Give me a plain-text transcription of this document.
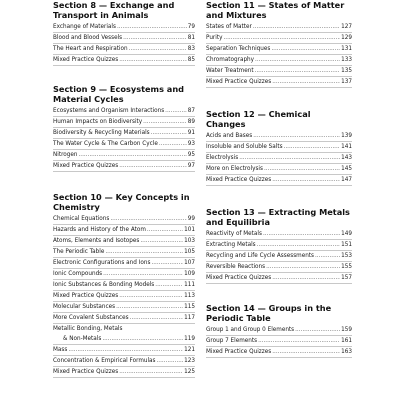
Section 8 — Exchange and
Transport in Animals
Exchange of Materials .....	79
Blood and Blood Vessels .....	81
The Heart and Respiration .....	83
Mixed Practice Quizzes .....	85
Section 9 — Ecosystems and
Material Cycles
Ecosystems and Organism Interactions .....	87
Human Impacts on Biodiversity .....	89
Biodiversity & Recycling Materials .....	91
The Water Cycle & The Carbon Cycle .....	93
Nitrogen .....	95
Mixed Practice Quizzes .....	97
Section 10 — Key Concepts in
Chemistry
Chemical Equations .....	99
Hazards and History of the Atom .....	101
Atoms, Elements and Isotopes .....	103
The Periodic Table .....	105
Electronic Configurations and Ions .....	107
Ionic Compounds .....	109
Ionic Substances & Bonding Models .....	111
Mixed Practice Quizzes .....	113
Molecular Substances .....	115
More Covalent Substances .....	117
Metallic Bonding, Metals
& Non-Metals .....	119
Mass .....	121
Concentration & Empirical Formulas .....	123
Mixed Practice Quizzes .....	125
Section 11 — States of Matter
and Mixtures
States of Matter .....	127
Purity .....	129
Separation Techniques .....	131
Chromatography .....	133
Water Treatment .....	135
Mixed Practice Quizzes .....	137
Section 12 — Chemical
Changes
Acids and Bases .....	139
Insoluble and Soluble Salts .....	141
Electrolysis .....	143
More on Electrolysis .....	145
Mixed Practice Quizzes .....	147
Section 13 — Extracting Metals
and Equilibria
Reactivity of Metals .....	149
Extracting Metals .....	151
Recycling and Life Cycle Assessments .....	153
Reversible Reactions .....	155
Mixed Practice Quizzes .....	157
Section 14 — Groups in the
Periodic Table
Group 1 and Group 0 Elements .....	159
Group 7 Elements .....	161
Mixed Practice Quizzes .....	163
